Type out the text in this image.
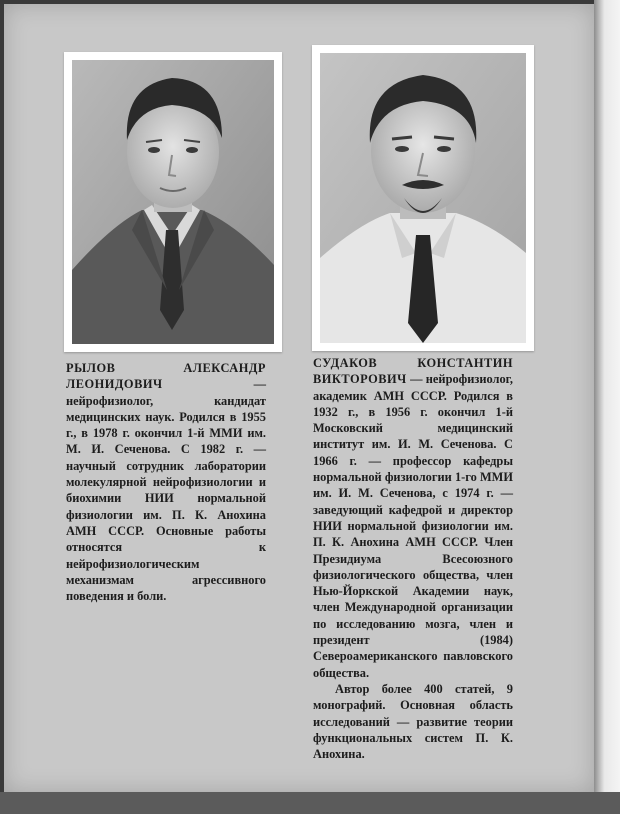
РЫЛОВ АЛЕКСАНДР ЛЕОНИДОВИЧ — нейрофизиолог, кандидат медицинских наук. Родился в 1955 г., в 1978 г. окончил 1-й ММИ им. М. И. Сеченова. С 1982 г. — научный сотрудник лаборатории молекулярной нейрофизиологии и биохимии НИИ нормальной физиологии им. П. К. Анохина АМН СССР. Основные работы относятся к нейрофизиологическим механизмам агрессивного поведения и боли.

СУДАКОВ КОНСТАНТИН ВИКТОРОВИЧ — нейрофизиолог, академик АМН СССР. Родился в 1932 г., в 1956 г. окончил 1-й Московский медицинский институт им. И. М. Сеченова. С 1966 г. — профессор кафедры нормальной физиологии 1-го ММИ им. И. М. Сеченова, с 1974 г. — заведующий кафедрой и директор НИИ нормальной физиологии им. П. К. Анохина АМН СССР. Член Президиума Всесоюзного физиологического общества, член Нью-Йоркской Академии наук, член Международной организации по исследованию мозга, член и президент (1984) Североамериканского павловского общества.

Автор более 400 статей, 9 монографий. Основная область исследований — развитие теории функциональных систем П. К. Анохина.
